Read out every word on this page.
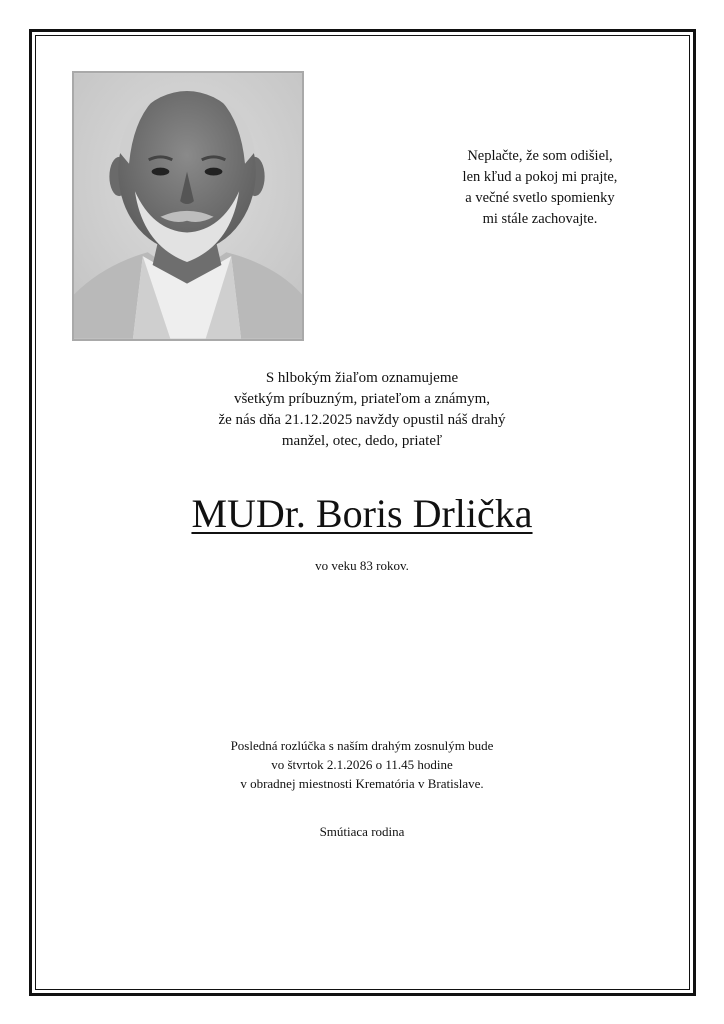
Neplačte, že som odišiel,
len kľud a pokoj mi prajte,
a večné svetlo spomienky
mi stále zachovajte.
S hlbokým žiaľom oznamujeme
všetkým príbuzným, priateľom a známym,
že nás dňa 21.12.2025 navždy opustil náš drahý
manžel, otec, dedo, priateľ
MUDr. Boris Drlička
vo veku 83 rokov.
Posledná rozlúčka s naším drahým zosnulým bude
vo štvrtok 2.1.2026 o 11.45 hodine
v obradnej miestnosti Krematória v Bratislave.
Smútiaca rodina
